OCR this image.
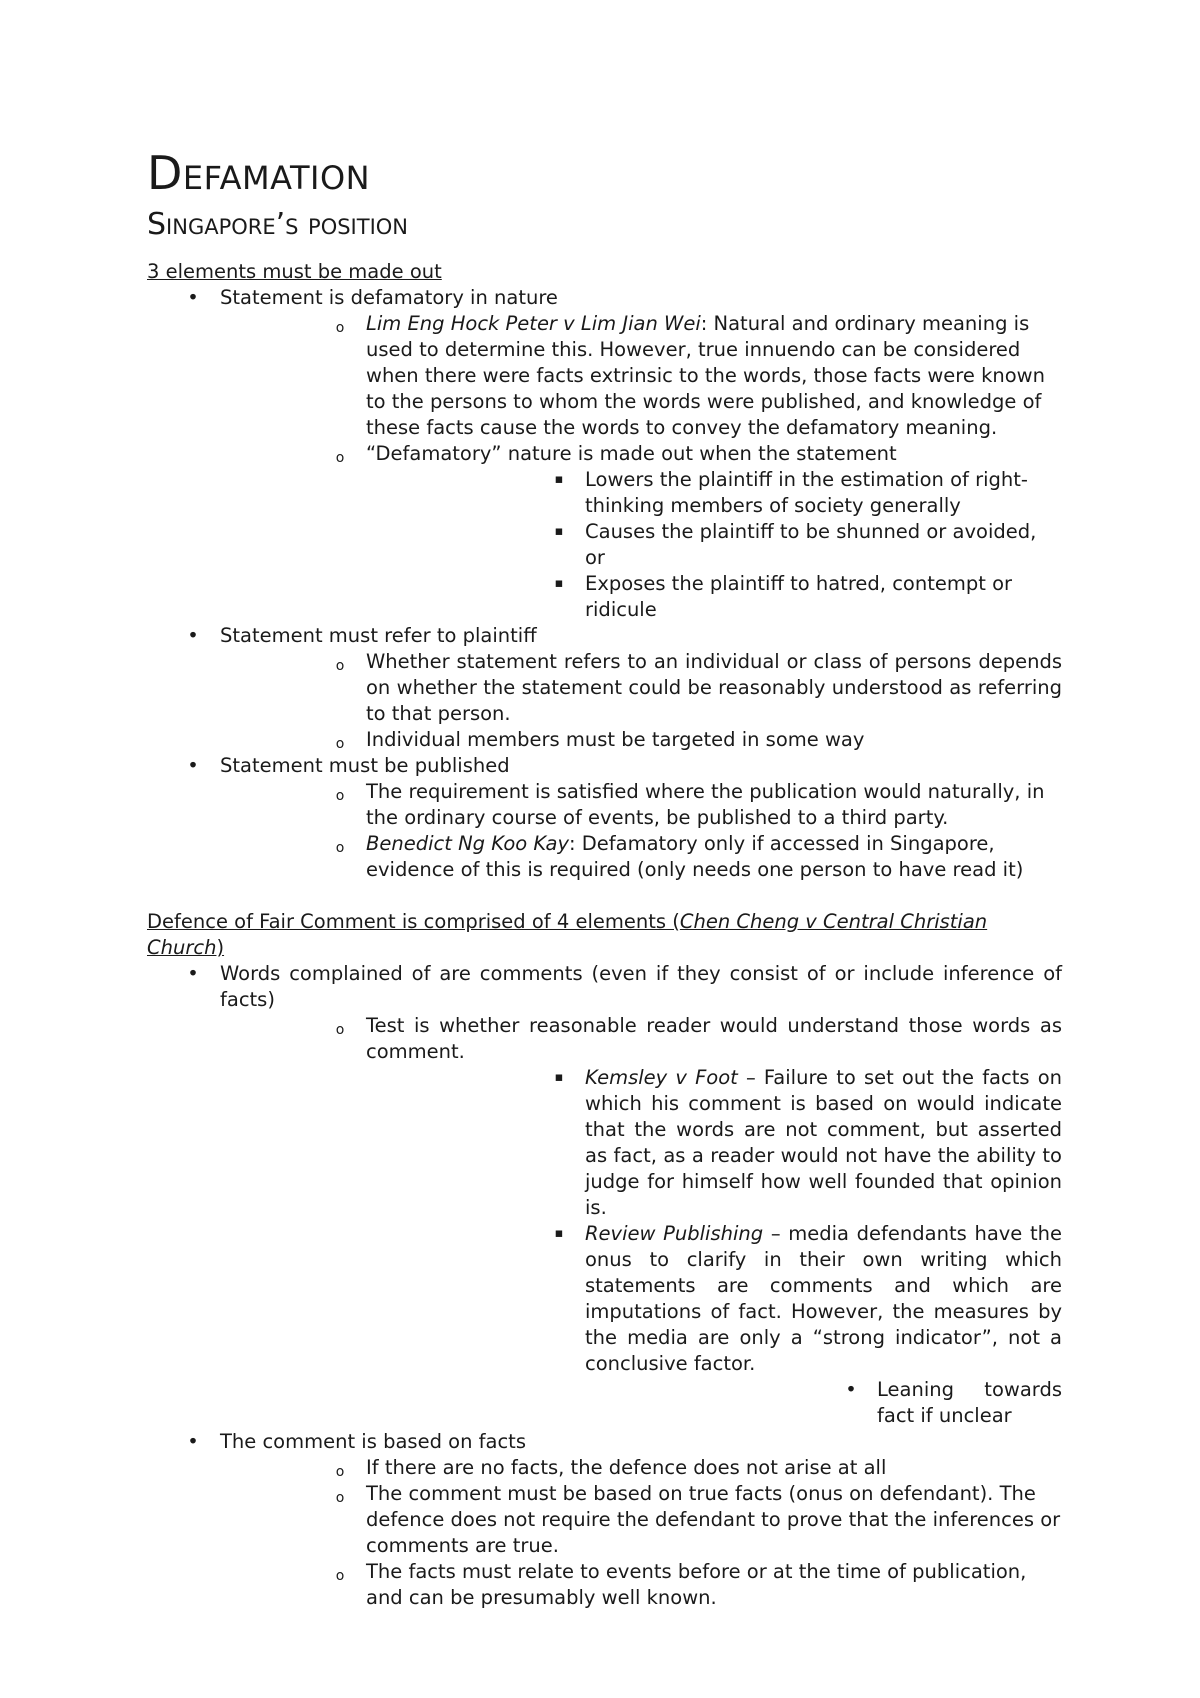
Defamation
Singapore’s position

3 elements must be made out

• Statement is defamatory in nature
o Lim Eng Hock Peter v Lim Jian Wei: Natural and ordinary meaning is used to determine this. However, true innuendo can be considered when there were facts extrinsic to the words, those facts were known to the persons to whom the words were published, and knowledge of these facts cause the words to convey the defamatory meaning.
o “Defamatory” nature is made out when the statement
▪ Lowers the plaintiff in the estimation of right-thinking members of society generally
▪ Causes the plaintiff to be shunned or avoided, or
▪ Exposes the plaintiff to hatred, contempt or ridicule
• Statement must refer to plaintiff
o Whether statement refers to an individual or class of persons depends on whether the statement could be reasonably understood as referring to that person.
o Individual members must be targeted in some way
• Statement must be published
o The requirement is satisfied where the publication would naturally, in the ordinary course of events, be published to a third party.
o Benedict Ng Koo Kay: Defamatory only if accessed in Singapore, evidence of this is required (only needs one person to have read it)

Defence of Fair Comment is comprised of 4 elements (Chen Cheng v Central Christian Church)

• Words complained of are comments (even if they consist of or include inference of facts)
o Test is whether reasonable reader would understand those words as comment.
▪ Kemsley v Foot – Failure to set out the facts on which his comment is based on would indicate that the words are not comment, but asserted as fact, as a reader would not have the ability to judge for himself how well founded that opinion is.
▪ Review Publishing – media defendants have the onus to clarify in their own writing which statements are comments and which are imputations of fact. However, the measures by the media are only a “strong indicator”, not a conclusive factor.
• Leaning towards fact if unclear
• The comment is based on facts
o If there are no facts, the defence does not arise at all
o The comment must be based on true facts (onus on defendant). The defence does not require the defendant to prove that the inferences or comments are true.
o The facts must relate to events before or at the time of publication, and can be presumably well known.
